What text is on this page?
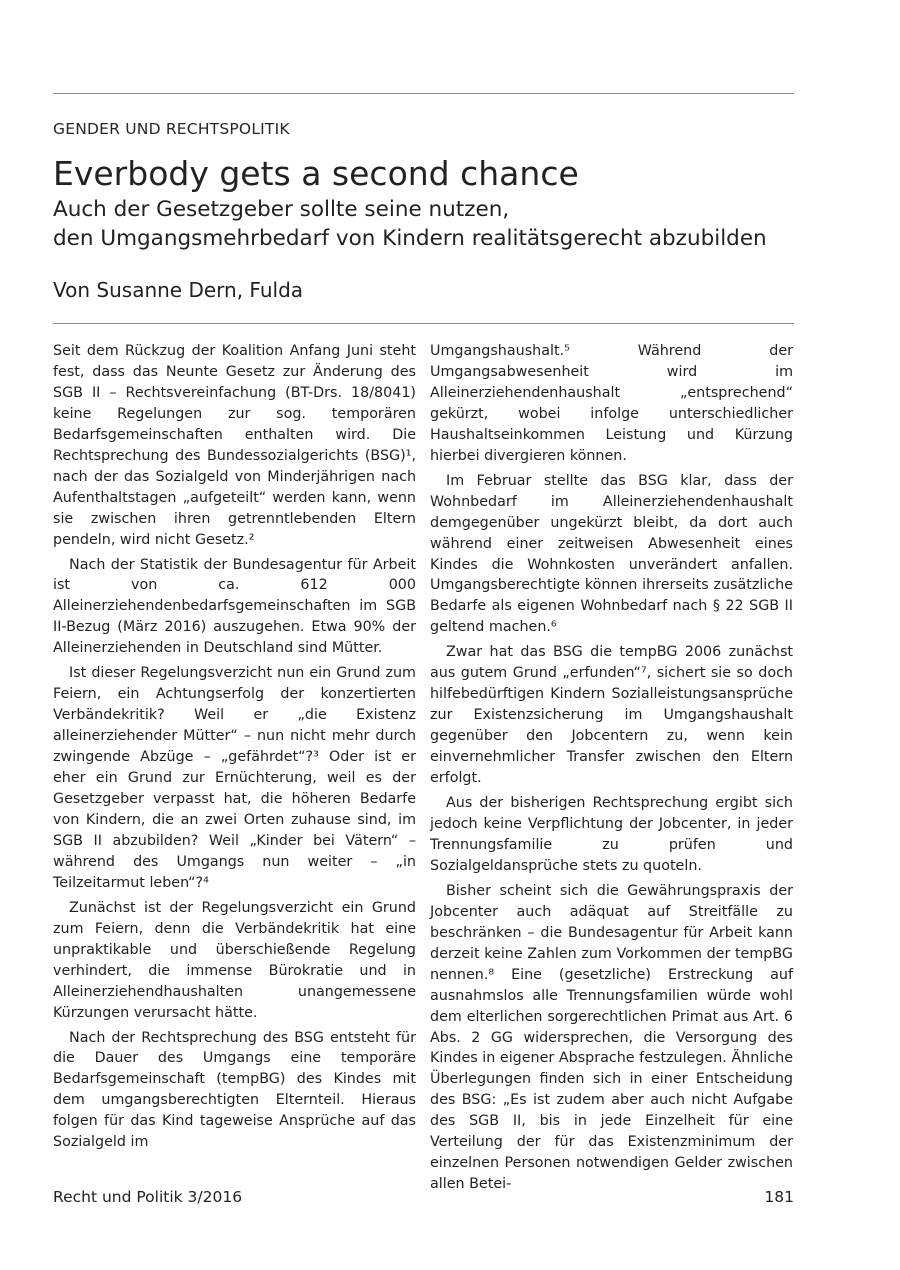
GENDER UND RECHTSPOLITIK
Everbody gets a second chance
Auch der Gesetzgeber sollte seine nutzen,
den Umgangsmehrbedarf von Kindern realitätsgerecht abzubilden
Von Susanne Dern, Fulda

Seit dem Rückzug der Koalition Anfang Juni steht fest, dass das Neunte Gesetz zur Änderung des SGB II – Rechtsvereinfachung (BT-Drs. 18/8041) keine Regelungen zur sog. temporären Bedarfsgemeinschaften enthalten wird. Die Rechtsprechung des Bundessozialgerichts (BSG)¹, nach der das Sozialgeld von Minderjährigen nach Aufenthaltstagen „aufgeteilt“ werden kann, wenn sie zwischen ihren getrenntlebenden Eltern pendeln, wird nicht Gesetz.²

Nach der Statistik der Bundesagentur für Arbeit ist von ca. 612 000 Alleinerziehendenbedarfsgemeinschaften im SGB II-Bezug (März 2016) auszugehen. Etwa 90% der Alleinerziehenden in Deutschland sind Mütter.

Ist dieser Regelungsverzicht nun ein Grund zum Feiern, ein Achtungserfolg der konzertierten Verbändekritik? Weil er „die Existenz alleinerziehender Mütter“ – nun nicht mehr durch zwingende Abzüge – „gefährdet“?³ Oder ist er eher ein Grund zur Ernüchterung, weil es der Gesetzgeber verpasst hat, die höheren Bedarfe von Kindern, die an zwei Orten zuhause sind, im SGB II abzubilden? Weil „Kinder bei Vätern“ – während des Umgangs nun weiter – „in Teilzeitarmut leben“?⁴

Zunächst ist der Regelungsverzicht ein Grund zum Feiern, denn die Verbändekritik hat eine unpraktikable und überschießende Regelung verhindert, die immense Bürokratie und in Alleinerziehendhaushalten unangemessene Kürzungen verursacht hätte.

Nach der Rechtsprechung des BSG entsteht für die Dauer des Umgangs eine temporäre Bedarfsgemeinschaft (tempBG) des Kindes mit dem umgangsberechtigten Elternteil. Hieraus folgen für das Kind tageweise Ansprüche auf das Sozialgeld im

Umgangshaushalt.⁵ Während der Umgangsabwesenheit wird im Alleinerziehendenhaushalt „entsprechend“ gekürzt, wobei infolge unterschiedlicher Haushaltseinkommen Leistung und Kürzung hierbei divergieren können.

Im Februar stellte das BSG klar, dass der Wohnbedarf im Alleinerziehendenhaushalt demgegenüber ungekürzt bleibt, da dort auch während einer zeitweisen Abwesenheit eines Kindes die Wohnkosten unverändert anfallen. Umgangsberechtigte können ihrerseits zusätzliche Bedarfe als eigenen Wohnbedarf nach § 22 SGB II geltend machen.⁶

Zwar hat das BSG die tempBG 2006 zunächst aus gutem Grund „erfunden“⁷, sichert sie so doch hilfebedürftigen Kindern Sozialleistungsansprüche zur Existenzsicherung im Umgangshaushalt gegenüber den Jobcentern zu, wenn kein einvernehmlicher Transfer zwischen den Eltern erfolgt.

Aus der bisherigen Rechtsprechung ergibt sich jedoch keine Verpflichtung der Jobcenter, in jeder Trennungsfamilie zu prüfen und Sozialgeldansprüche stets zu quoteln.

Bisher scheint sich die Gewährungspraxis der Jobcenter auch adäquat auf Streitfälle zu beschränken – die Bundesagentur für Arbeit kann derzeit keine Zahlen zum Vorkommen der tempBG nennen.⁸ Eine (gesetzliche) Erstreckung auf ausnahmslos alle Trennungsfamilien würde wohl dem elterlichen sorgerechtlichen Primat aus Art. 6 Abs. 2 GG widersprechen, die Versorgung des Kindes in eigener Absprache festzulegen. Ähnliche Überlegungen finden sich in einer Entscheidung des BSG: „Es ist zudem aber auch nicht Aufgabe des SGB II, bis in jede Einzelheit für eine Verteilung der für das Existenzminimum der einzelnen Personen notwendigen Gelder zwischen allen Betei-

Recht und Politik 3/2016	181
